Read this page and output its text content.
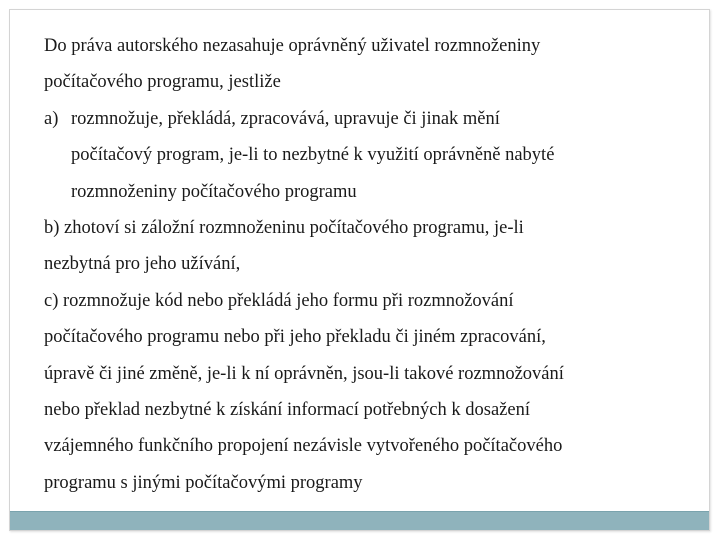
Do práva autorského nezasahuje oprávněný uživatel rozmnoženiny
počítačového programu, jestliže
a) rozmnožuje, překládá, zpracovává, upravuje či jinak mění
počítačový program, je-li to nezbytné k využití oprávněně nabyté
rozmnoženiny počítačového programu
b) zhotoví si záložní rozmnoženinu počítačového programu, je-li
nezbytná pro jeho užívání,
c) rozmnožuje kód nebo překládá jeho formu při rozmnožování
počítačového programu nebo při jeho překladu či jiném zpracování,
úpravě či jiné změně, je-li k ní oprávněn, jsou-li takové rozmnožování
nebo překlad nezbytné k získání informací potřebných k dosažení
vzájemného funkčního propojení nezávisle vytvořeného počítačového
programu s jinými počítačovými programy
